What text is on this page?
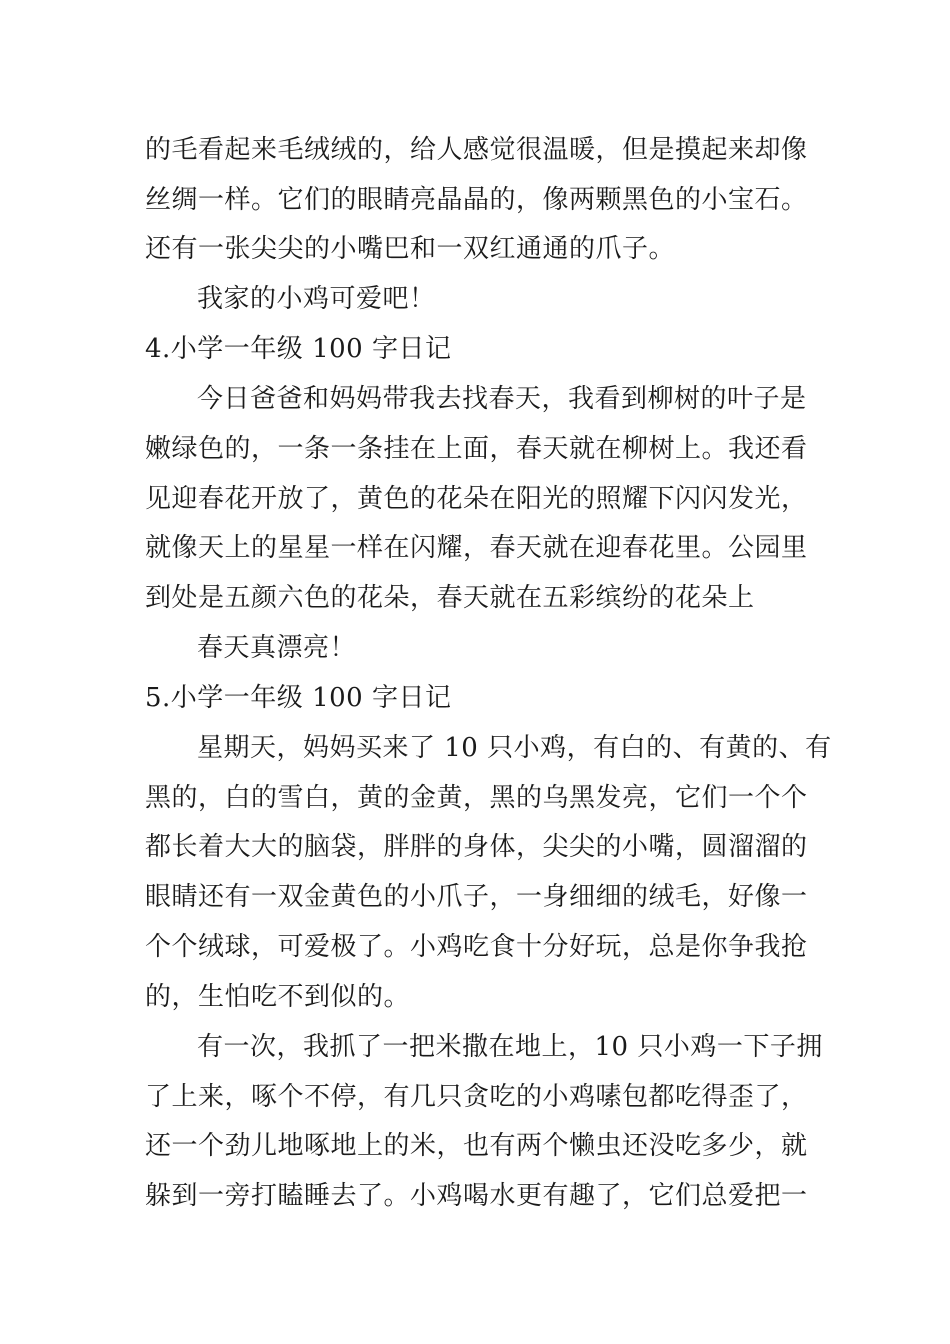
的毛看起来毛绒绒的，给人感觉很温暖，但是摸起来却像
丝绸一样。它们的眼睛亮晶晶的，像两颗黑色的小宝石。
还有一张尖尖的小嘴巴和一双红通通的爪子。
我家的小鸡可爱吧！
4.小学一年级 100 字日记
今日爸爸和妈妈带我去找春天，我看到柳树的叶子是
嫩绿色的，一条一条挂在上面，春天就在柳树上。我还看
见迎春花开放了，黄色的花朵在阳光的照耀下闪闪发光，
就像天上的星星一样在闪耀，春天就在迎春花里。公园里
到处是五颜六色的花朵，春天就在五彩缤纷的花朵上
春天真漂亮！
5.小学一年级 100 字日记
星期天，妈妈买来了 10 只小鸡，有白的、有黄的、有
黑的，白的雪白，黄的金黄，黑的乌黑发亮，它们一个个
都长着大大的脑袋，胖胖的身体，尖尖的小嘴，圆溜溜的
眼睛还有一双金黄色的小爪子，一身细细的绒毛，好像一
个个绒球，可爱极了。小鸡吃食十分好玩，总是你争我抢
的，生怕吃不到似的。
有一次，我抓了一把米撒在地上，10 只小鸡一下子拥
了上来，啄个不停，有几只贪吃的小鸡嗉包都吃得歪了，
还一个劲儿地啄地上的米，也有两个懒虫还没吃多少，就
躲到一旁打瞌睡去了。小鸡喝水更有趣了，它们总爱把一
